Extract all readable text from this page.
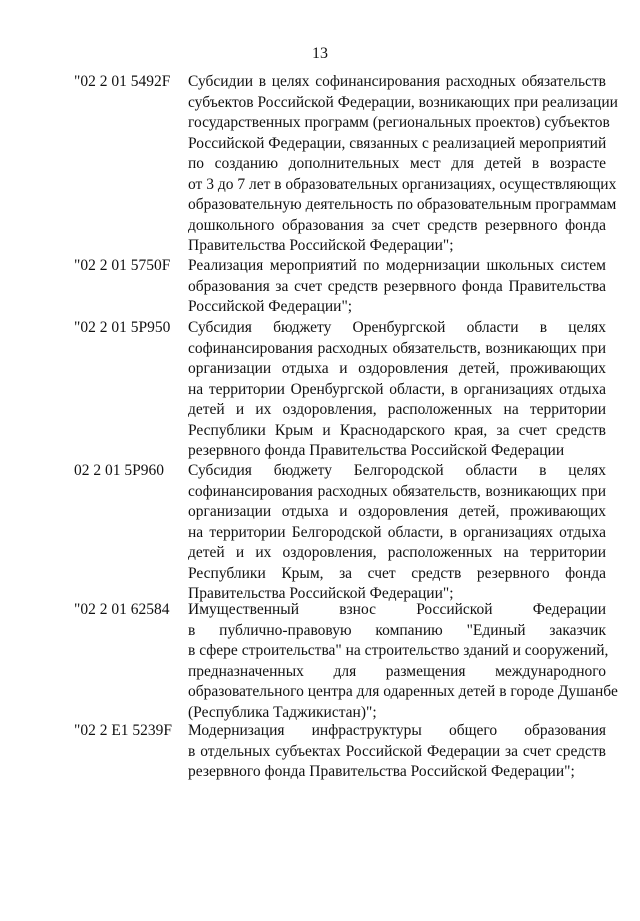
13
"02 2 01 5492F Субсидии в целях софинансирования расходных обязательств
субъектов Российской Федерации, возникающих при реализации
государственных программ (региональных проектов) субъектов
Российской Федерации, связанных с реализацией мероприятий
по созданию дополнительных мест для детей в возрасте
от 3 до 7 лет в образовательных организациях, осуществляющих
образовательную деятельность по образовательным программам
дошкольного образования за счет средств резервного фонда
Правительства Российской Федерации";
"02 2 01 5750F Реализация мероприятий по модернизации школьных систем
образования за счет средств резервного фонда Правительства
Российской Федерации";
"02 2 01 5P950 Субсидия бюджету Оренбургской области в целях
софинансирования расходных обязательств, возникающих при
организации отдыха и оздоровления детей, проживающих
на территории Оренбургской области, в организациях отдыха
детей и их оздоровления, расположенных на территории
Республики Крым и Краснодарского края, за счет средств
резервного фонда Правительства Российской Федерации
02 2 01 5P960 Субсидия бюджету Белгородской области в целях
софинансирования расходных обязательств, возникающих при
организации отдыха и оздоровления детей, проживающих
на территории Белгородской области, в организациях отдыха
детей и их оздоровления, расположенных на территории
Республики Крым, за счет средств резервного фонда
Правительства Российской Федерации";
"02 2 01 62584 Имущественный взнос Российской Федерации
в публично-правовую компанию "Единый заказчик
в сфере строительства" на строительство зданий и сооружений,
предназначенных для размещения международного
образовательного центра для одаренных детей в городе Душанбе
(Республика Таджикистан)";
"02 2 E1 5239F Модернизация инфраструктуры общего образования
в отдельных субъектах Российской Федерации за счет средств
резервного фонда Правительства Российской Федерации";
